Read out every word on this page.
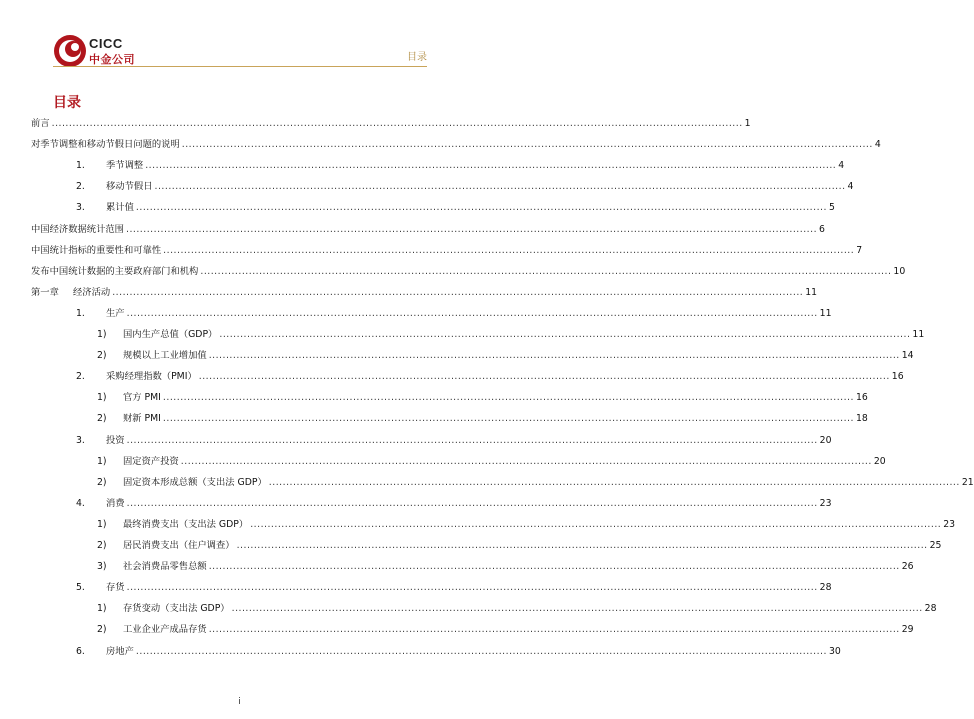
CICC
中金公司	目录
目录
前言 ........................................................................................................................................................................................................ 1
对季节调整和移动节假日问题的说明 ........................................................................................................................................................................................................ 4
1.	季节调整 ........................................................................................................................................................................................................ 4
2.	移动节假日 ........................................................................................................................................................................................................ 4
3.	累计值 ........................................................................................................................................................................................................ 5
中国经济数据统计范围 ........................................................................................................................................................................................................ 6
中国统计指标的重要性和可靠性 ........................................................................................................................................................................................................ 7
发布中国统计数据的主要政府部门和机构 ........................................................................................................................................................................................................ 10
第一章	经济活动 ........................................................................................................................................................................................................ 11
1.	生产 ........................................................................................................................................................................................................ 11
1)	国内生产总值（GDP） ........................................................................................................................................................................................................ 11
2)	规模以上工业增加值 ........................................................................................................................................................................................................ 14
2.	采购经理指数（PMI） ........................................................................................................................................................................................................ 16
1)	官方 PMI ........................................................................................................................................................................................................ 16
2)	财新 PMI ........................................................................................................................................................................................................ 18
3.	投资 ........................................................................................................................................................................................................ 20
1)	固定资产投资 ........................................................................................................................................................................................................ 20
2)	固定资本形成总额（支出法 GDP） ........................................................................................................................................................................................................ 21
4.	消费 ........................................................................................................................................................................................................ 23
1)	最终消费支出（支出法 GDP） ........................................................................................................................................................................................................ 23
2)	居民消费支出（住户调查） ........................................................................................................................................................................................................ 25
3)	社会消费品零售总额 ........................................................................................................................................................................................................ 26
5.	存货 ........................................................................................................................................................................................................ 28
1)	存货变动（支出法 GDP） ........................................................................................................................................................................................................ 28
2)	工业企业产成品存货 ........................................................................................................................................................................................................ 29
6.	房地产 ........................................................................................................................................................................................................ 30
i
